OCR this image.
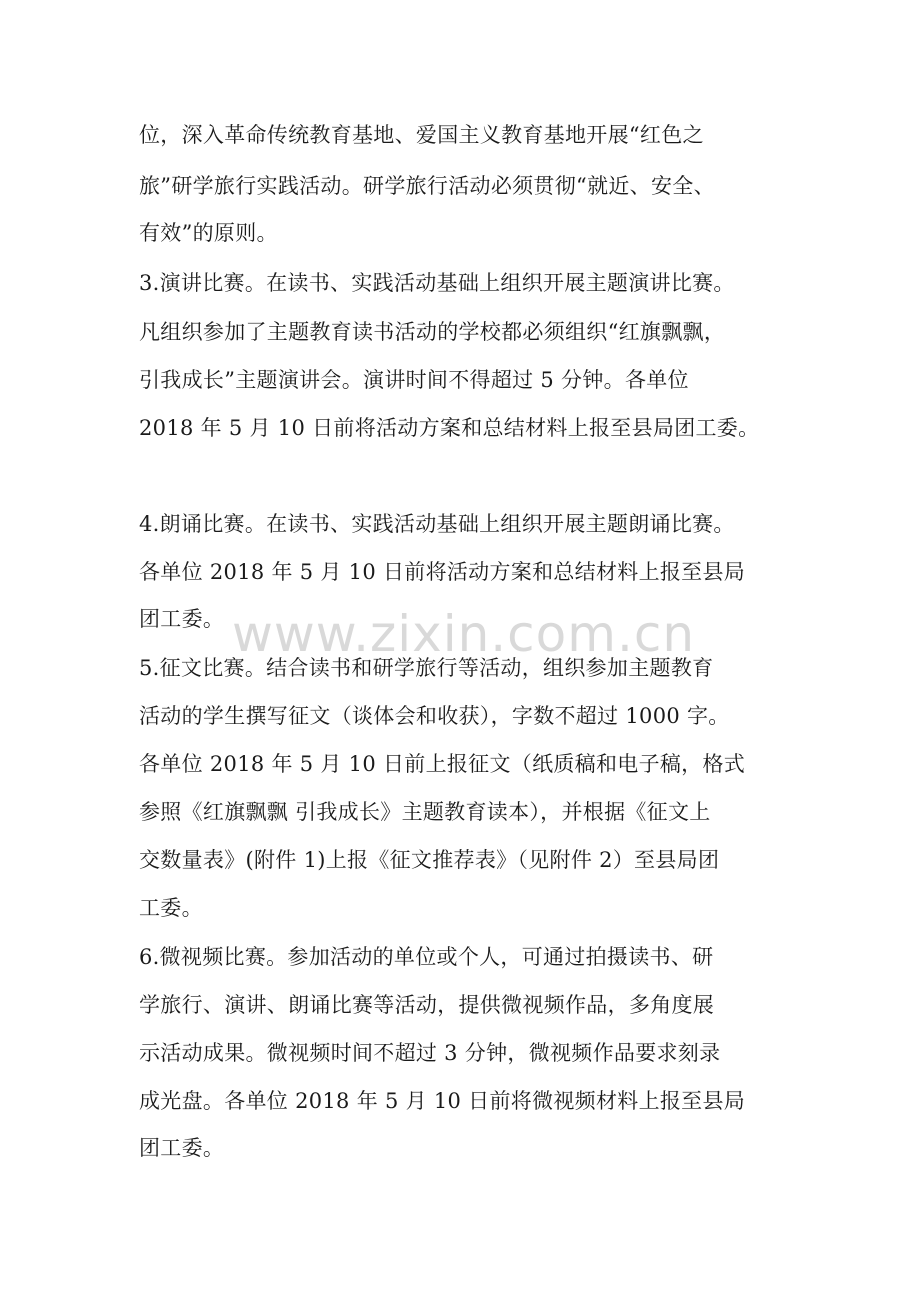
位，深入革命传统教育基地、爱国主义教育基地开展“红色之
旅”研学旅行实践活动。研学旅行活动必须贯彻“就近、安全、
有效”的原则。
3.演讲比赛。在读书、实践活动基础上组织开展主题演讲比赛。
凡组织参加了主题教育读书活动的学校都必须组织“红旗飘飘，
引我成长”主题演讲会。演讲时间不得超过 5 分钟。各单位
2018 年 5 月 10 日前将活动方案和总结材料上报至县局团工委。
4.朗诵比赛。在读书、实践活动基础上组织开展主题朗诵比赛。
各单位 2018 年 5 月 10 日前将活动方案和总结材料上报至县局
团工委。
5.征文比赛。结合读书和研学旅行等活动，组织参加主题教育
活动的学生撰写征文（谈体会和收获），字数不超过 1000 字。
各单位 2018 年 5 月 10 日前上报征文（纸质稿和电子稿，格式
参照《红旗飘飘 引我成长》主题教育读本），并根据《征文上
交数量表》(附件 1)上报《征文推荐表》（见附件 2）至县局团
工委。
6.微视频比赛。参加活动的单位或个人，可通过拍摄读书、研
学旅行、演讲、朗诵比赛等活动，提供微视频作品，多角度展
示活动成果。微视频时间不超过 3 分钟，微视频作品要求刻录
成光盘。各单位 2018 年 5 月 10 日前将微视频材料上报至县局
团工委。
www.zixin.com.cn
